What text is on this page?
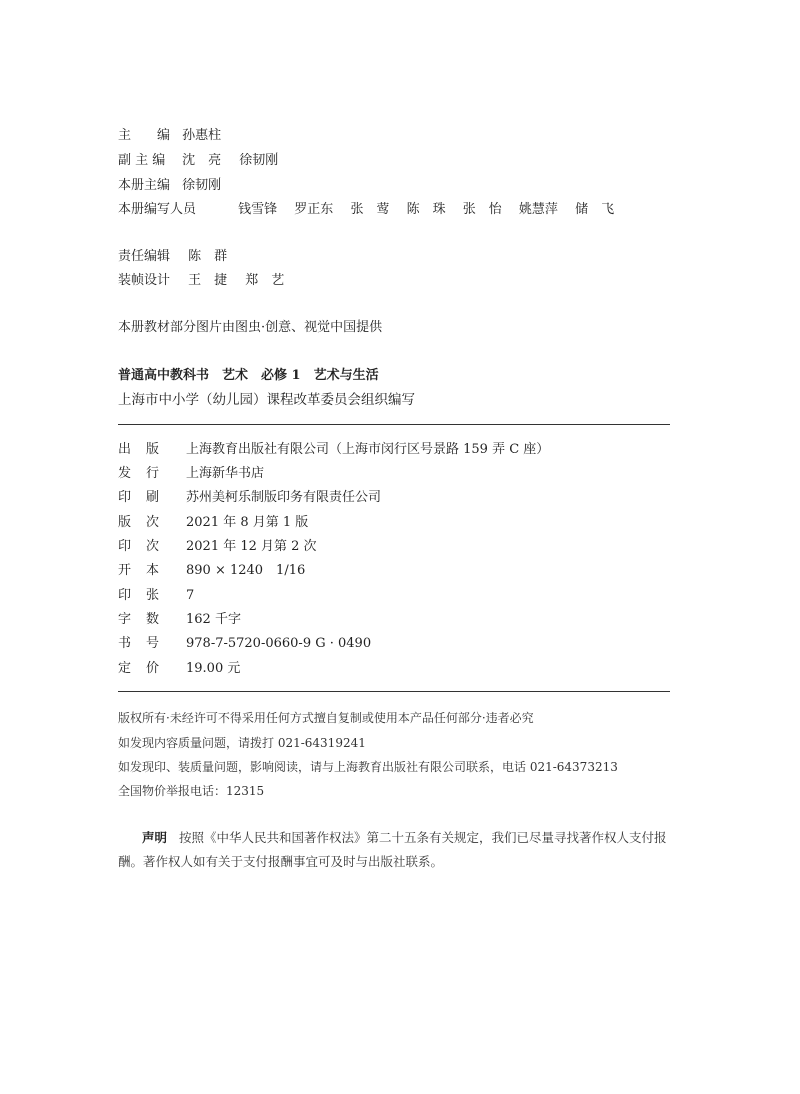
主　　编 孙惠柱
副 主 编 沈　亮 徐韧刚
本册主编 徐韧刚
本册编写人员	钱雪锋 罗正东 张　莺 陈　珠 张　怡 姚慧萍 储　飞
责任编辑 陈　群
装帧设计 王　捷 郑　艺
本册教材部分图片由图虫·创意、视觉中国提供
普通高中教科书　艺术　必修 1　艺术与生活
上海市中小学（幼儿园）课程改革委员会组织编写
出 版 上海教育出版社有限公司（上海市闵行区号景路 159 弄 C 座）
发 行 上海新华书店
印 刷 苏州美柯乐制版印务有限责任公司
版 次 2021 年 8 月第 1 版
印 次 2021 年 12 月第 2 次
开 本 890 × 1240　1/16
印 张 7
字 数 162 千字
书 号 978-7-5720-0660-9 G · 0490
定 价 19.00 元
版权所有·未经许可不得采用任何方式擅自复制或使用本产品任何部分·违者必究
如发现内容质量问题，请拨打 021-64319241
如发现印、装质量问题，影响阅读，请与上海教育出版社有限公司联系，电话 021-64373213
全国物价举报电话：12315
声明 按照《中华人民共和国著作权法》第二十五条有关规定，我们已尽量寻找著作权人支付报酬。著作权人如有关于支付报酬事宜可及时与出版社联系。
